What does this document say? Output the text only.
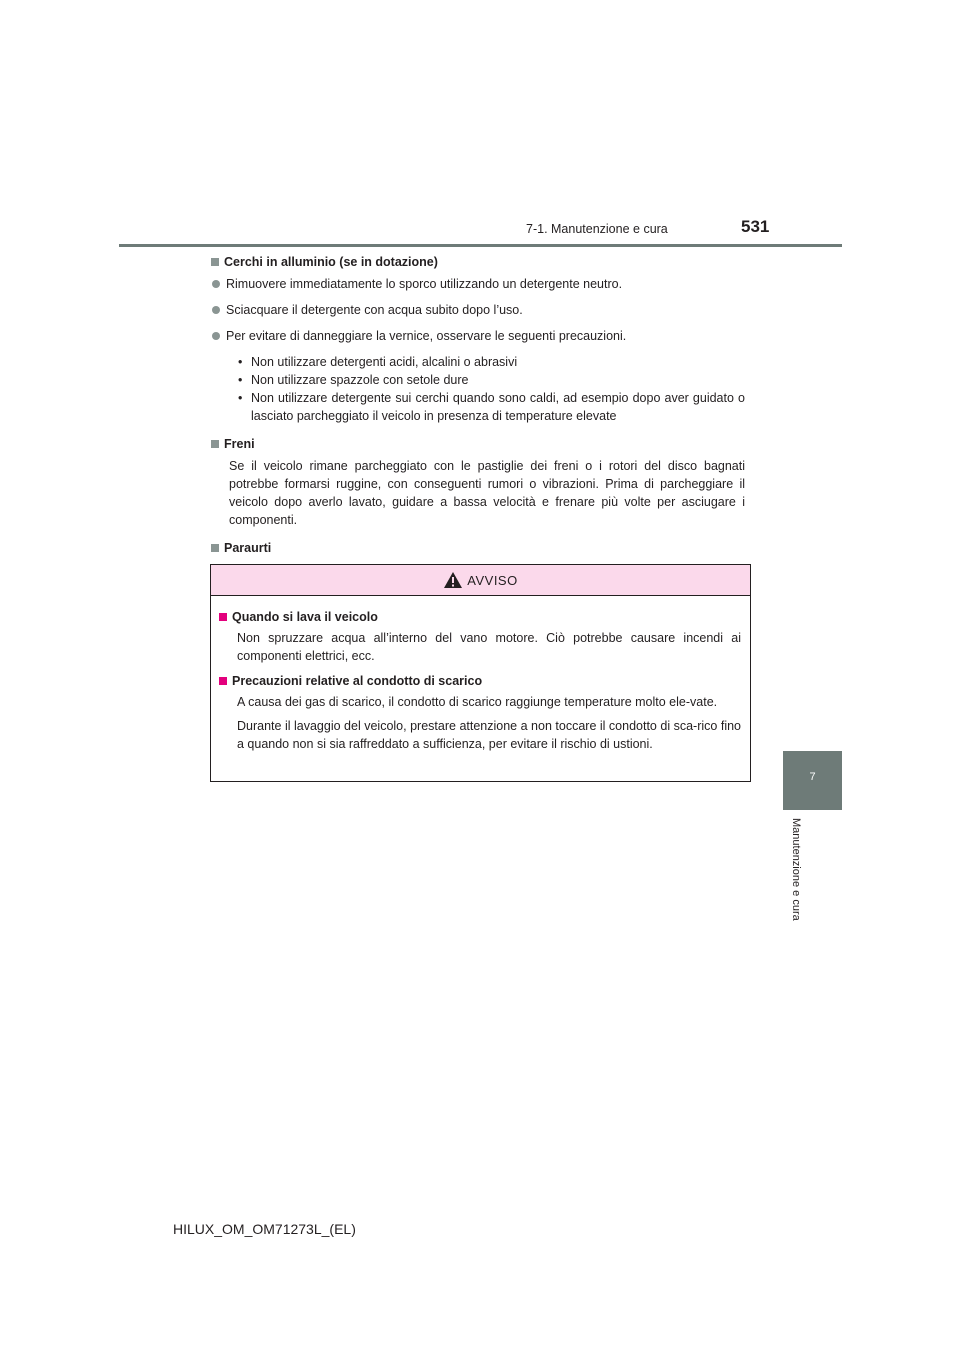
7-1. Manutenzione e cura	531
7
Manutenzione e cura
Cerchi in alluminio (se in dotazione)
Rimuovere immediatamente lo sporco utilizzando un detergente neutro.
Sciacquare il detergente con acqua subito dopo l’uso.
Per evitare di danneggiare la vernice, osservare le seguenti precauzioni.
• Non utilizzare detergenti acidi, alcalini o abrasivi
• Non utilizzare spazzole con setole dure
• Non utilizzare detergente sui cerchi quando sono caldi, ad esempio dopo aver guidato o lasciato parcheggiato il veicolo in presenza di temperature elevate
Freni
Se il veicolo rimane parcheggiato con le pastiglie dei freni o i rotori del disco bagnati potrebbe formarsi ruggine, con conseguenti rumori o vibrazioni. Prima di parcheggiare il veicolo dopo averlo lavato, guidare a bassa velocità e frenare più volte per asciugare i componenti.
Paraurti
AVVISO
Quando si lava il veicolo
Non spruzzare acqua all’interno del vano motore. Ciò potrebbe causare incendi ai componenti elettrici, ecc.
Precauzioni relative al condotto di scarico
A causa dei gas di scarico, il condotto di scarico raggiunge temperature molto ele-vate.
Durante il lavaggio del veicolo, prestare attenzione a non toccare il condotto di sca-rico fino a quando non si sia raffreddato a sufficienza, per evitare il rischio di ustioni.
HILUX_OM_OM71273L_(EL)
